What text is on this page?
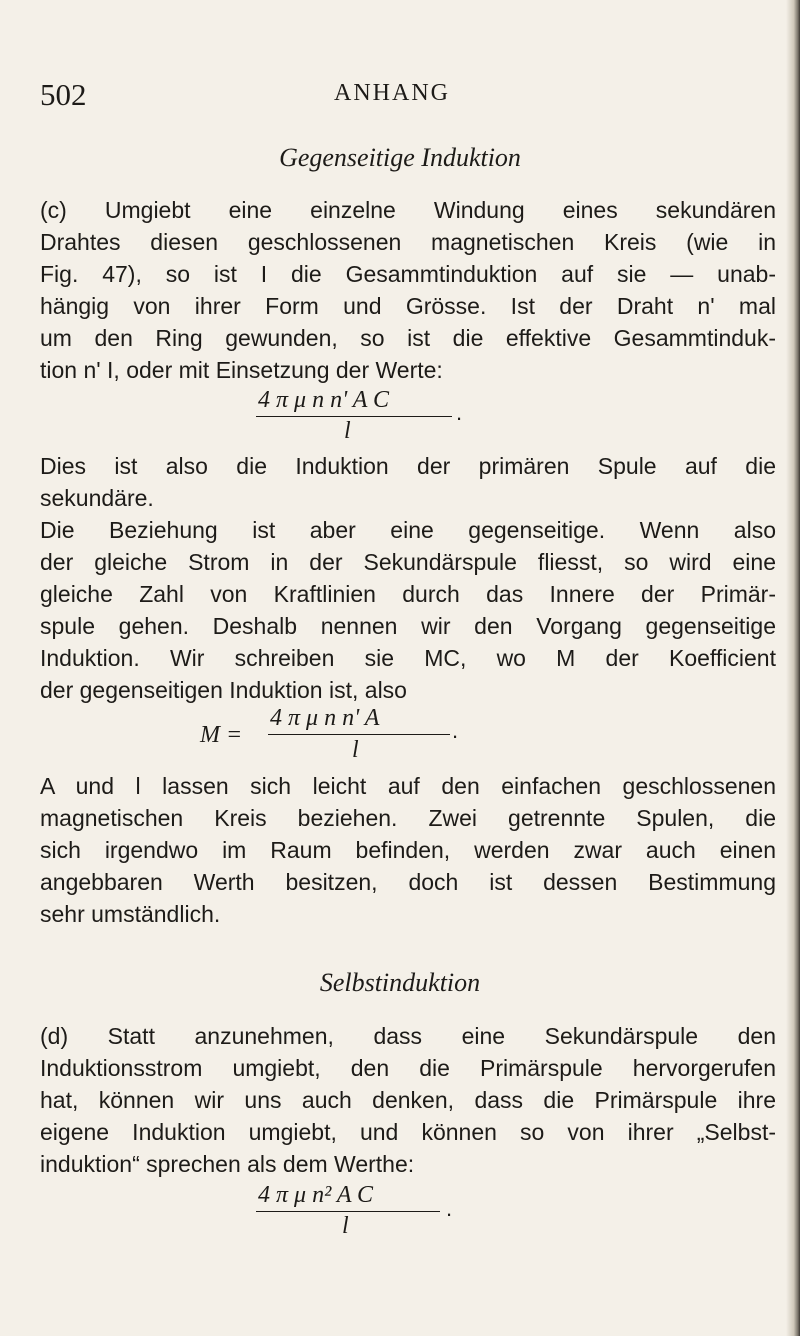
502	ANHANG
Gegenseitige Induktion
(c) Umgiebt eine einzelne Windung eines sekundären
Drahtes diesen geschlossenen magnetischen Kreis (wie in
Fig. 47), so ist I die Gesammtinduktion auf sie — unab-
hängig von ihrer Form und Grösse. Ist der Draht n' mal
um den Ring gewunden, so ist die effektive Gesammtinduk-
tion n' I, oder mit Einsetzung der Werte:
4 π μ n n' A C
l
.
Dies ist also die Induktion der primären Spule auf die
sekundäre.
Die Beziehung ist aber eine gegenseitige. Wenn also
der gleiche Strom in der Sekundärspule fliesst, so wird eine
gleiche Zahl von Kraftlinien durch das Innere der Primär-
spule gehen. Deshalb nennen wir den Vorgang gegenseitige
Induktion. Wir schreiben sie MC, wo M der Koefficient
der gegenseitigen Induktion ist, also
M =
4 π μ n n' A
l
.
A und l lassen sich leicht auf den einfachen geschlossenen
magnetischen Kreis beziehen. Zwei getrennte Spulen, die
sich irgendwo im Raum befinden, werden zwar auch einen
angebbaren Werth besitzen, doch ist dessen Bestimmung
sehr umständlich.
Selbstinduktion
(d) Statt anzunehmen, dass eine Sekundärspule den
Induktionsstrom umgiebt, den die Primärspule hervorgerufen
hat, können wir uns auch denken, dass die Primärspule ihre
eigene Induktion umgiebt, und können so von ihrer „Selbst-
induktion“ sprechen als dem Werthe:
4 π μ n² A C
l
.
